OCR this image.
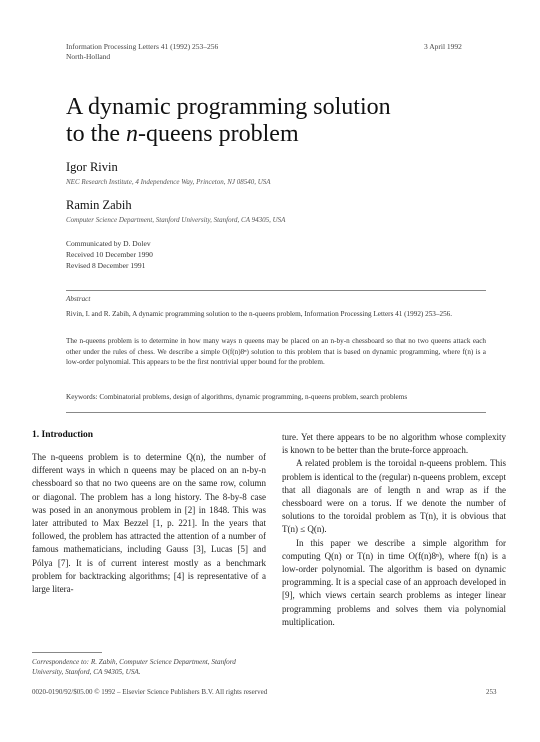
Information Processing Letters 41 (1992) 253–256
North-Holland
3 April 1992
A dynamic programming solution
to the n-queens problem
Igor Rivin
NEC Research Institute, 4 Independence Way, Princeton, NJ 08540, USA
Ramin Zabih
Computer Science Department, Stanford University, Stanford, CA 94305, USA
Communicated by D. Dolev
Received 10 December 1990
Revised 8 December 1991
Abstract
Rivin, I. and R. Zabih, A dynamic programming solution to the n-queens problem, Information Processing Letters 41 (1992) 253–256.
The n-queens problem is to determine in how many ways n queens may be placed on an n-by-n chessboard so that no two queens attack each other under the rules of chess. We describe a simple O(f(n)8ⁿ) solution to this problem that is based on dynamic programming, where f(n) is a low-order polynomial. This appears to be the first nontrivial upper bound for the problem.
Keywords: Combinatorial problems, design of algorithms, dynamic programming, n-queens problem, search problems
1. Introduction

The n-queens problem is to determine Q(n), the number of different ways in which n queens may be placed on an n-by-n chessboard so that no two queens are on the same row, column or diagonal. The problem has a long history. The 8-by-8 case was posed in an anonymous problem in [2] in 1848. This was later attributed to Max Bezzel [1, p. 221]. In the years that followed, the problem has attracted the attention of a number of famous mathematicians, including Gauss [3], Lucas [5] and Pólya [7]. It is of current interest mostly as a benchmark problem for backtracking algorithms; [4] is representative of a large litera-

ture. Yet there appears to be no algorithm whose complexity is known to be better than the brute-force approach.

A related problem is the toroidal n-queens problem. This problem is identical to the (regular) n-queens problem, except that all diagonals are of length n and wrap as if the chessboard were on a torus. If we denote the number of solutions to the toroidal problem as T(n), it is obvious that T(n) ≤ Q(n).

In this paper we describe a simple algorithm for computing Q(n) or T(n) in time O(f(n)8ⁿ), where f(n) is a low-order polynomial. The algorithm is based on dynamic programming. It is a special case of an approach developed in [9], which views certain search problems as integer linear programming problems and solves them via polynomial multiplication.

Correspondence to: R. Zabih, Computer Science Department, Stanford University, Stanford, CA 94305, USA.
0020-0190/92/$05.00 © 1992 – Elsevier Science Publishers B.V. All rights reserved	253
